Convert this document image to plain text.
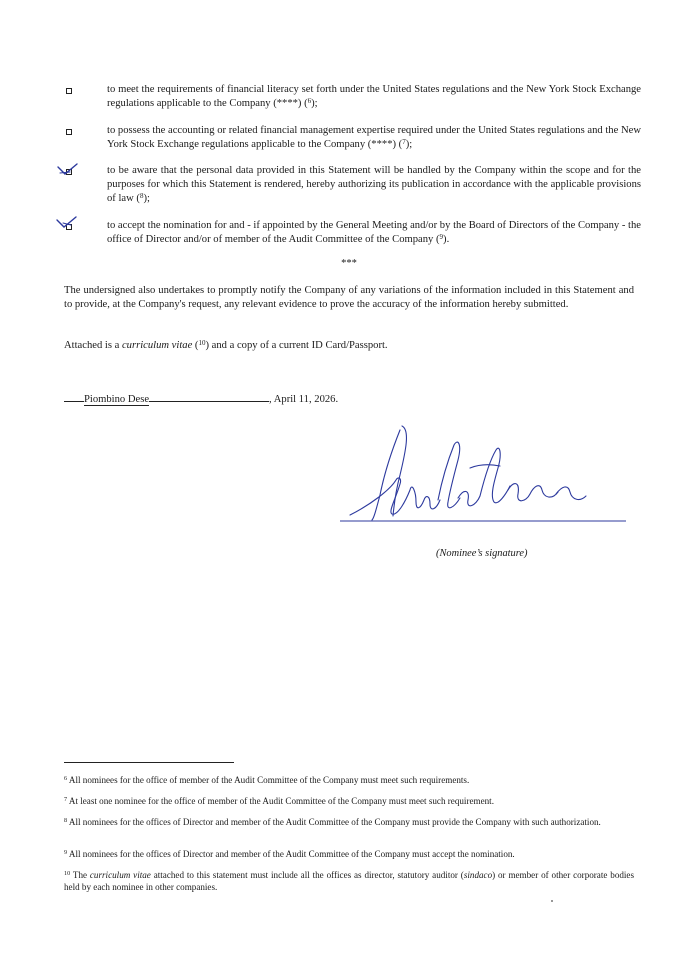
to meet the requirements of financial literacy set forth under the United States regulations and the New York Stock Exchange regulations applicable to the Company (****) ($^6$);
to possess the accounting or related financial management expertise required under the United States regulations and the New York Stock Exchange regulations applicable to the Company (****) ($^7$);
to be aware that the personal data provided in this Statement will be handled by the Company within the scope and for the purposes for which this Statement is rendered, hereby authorizing its publication in accordance with the applicable provisions of law ($^8$);
to accept the nomination for and - if appointed by the General Meeting and/or by the Board of Directors of the Company - the office of Director and/or of member of the Audit Committee of the Company ($^9$).
***
The undersigned also undertakes to promptly notify the Company of any variations of the information included in this Statement and to provide, at the Company's request, any relevant evidence to prove the accuracy of the information hereby submitted.
Attached is a curriculum vitae ($^{10}$) and a copy of a current ID Card/Passport.
Piombino Dese	, April 11, 2026.
(Nominee’s signature)
$^6$ All nominees for the office of member of the Audit Committee of the Company must meet such requirements.
$^7$ At least one nominee for the office of member of the Audit Committee of the Company must meet such requirement.
$^8$ All nominees for the offices of Director and member of the Audit Committee of the Company must provide the Company with such authorization.
$^9$ All nominees for the offices of Director and member of the Audit Committee of the Company must accept the nomination.
$^{10}$ The curriculum vitae attached to this statement must include all the offices as director, statutory auditor (sindaco) or member of other corporate bodies held by each nominee in other companies.
